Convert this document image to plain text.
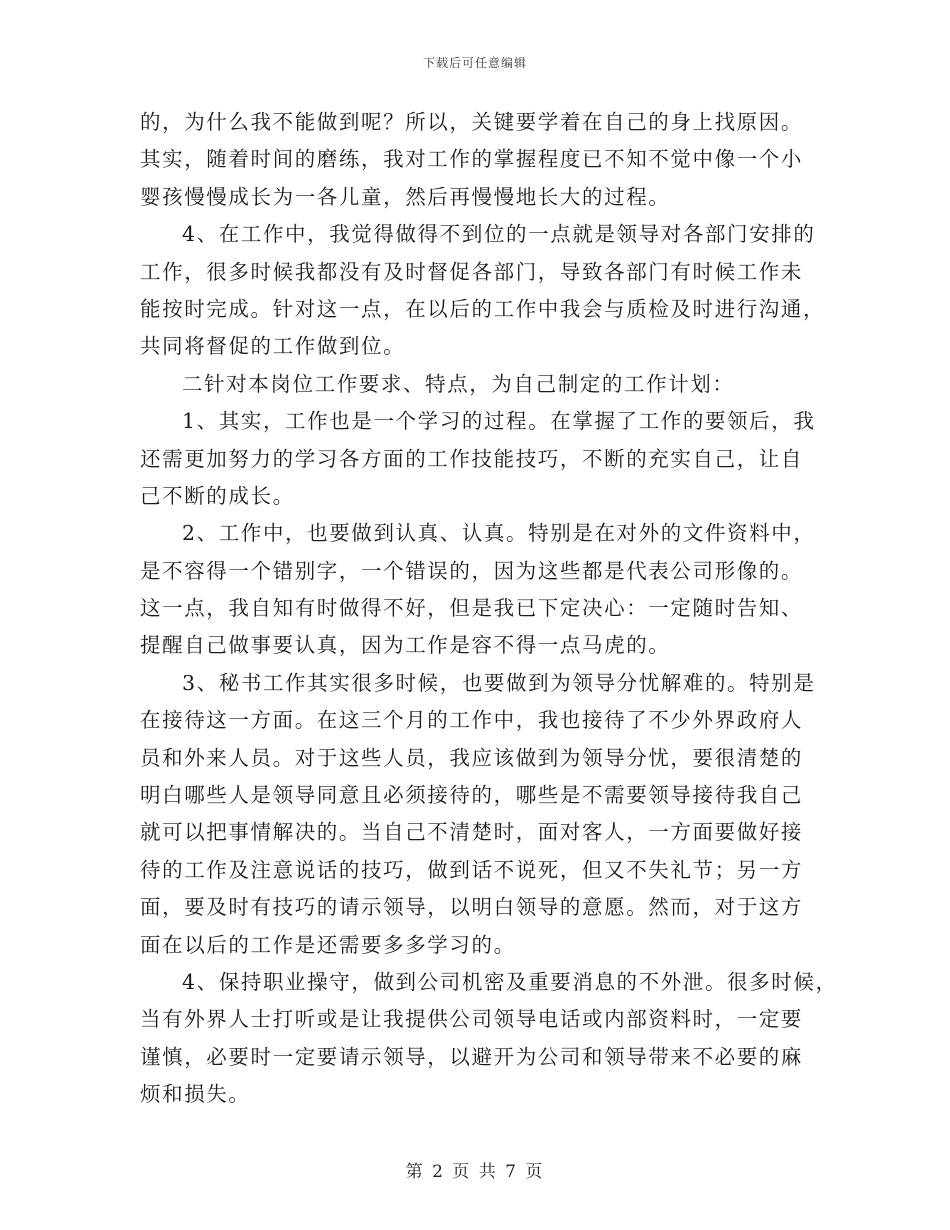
下载后可任意编辑
的，为什么我不能做到呢？所以，关键要学着在自己的身上找原因。
其实，随着时间的磨练，我对工作的掌握程度已不知不觉中像一个小
婴孩慢慢成长为一各儿童，然后再慢慢地长大的过程。
4、在工作中，我觉得做得不到位的一点就是领导对各部门安排的
工作，很多时候我都没有及时督促各部门，导致各部门有时候工作未
能按时完成。针对这一点，在以后的工作中我会与质检及时进行沟通，
共同将督促的工作做到位。
二针对本岗位工作要求、特点，为自己制定的工作计划：
1、其实，工作也是一个学习的过程。在掌握了工作的要领后，我
还需更加努力的学习各方面的工作技能技巧，不断的充实自己，让自
己不断的成长。
2、工作中，也要做到认真、认真。特别是在对外的文件资料中，
是不容得一个错别字，一个错误的，因为这些都是代表公司形像的。
这一点，我自知有时做得不好，但是我已下定决心：一定随时告知、
提醒自己做事要认真，因为工作是容不得一点马虎的。
3、秘书工作其实很多时候，也要做到为领导分忧解难的。特别是
在接待这一方面。在这三个月的工作中，我也接待了不少外界政府人
员和外来人员。对于这些人员，我应该做到为领导分忧，要很清楚的
明白哪些人是领导同意且必须接待的，哪些是不需要领导接待我自己
就可以把事情解决的。当自己不清楚时，面对客人，一方面要做好接
待的工作及注意说话的技巧，做到话不说死，但又不失礼节；另一方
面，要及时有技巧的请示领导，以明白领导的意愿。然而，对于这方
面在以后的工作是还需要多多学习的。
4、保持职业操守，做到公司机密及重要消息的不外泄。很多时候，
当有外界人士打听或是让我提供公司领导电话或内部资料时，一定要
谨慎，必要时一定要请示领导，以避开为公司和领导带来不必要的麻
烦和损失。
第 2 页 共 7 页
